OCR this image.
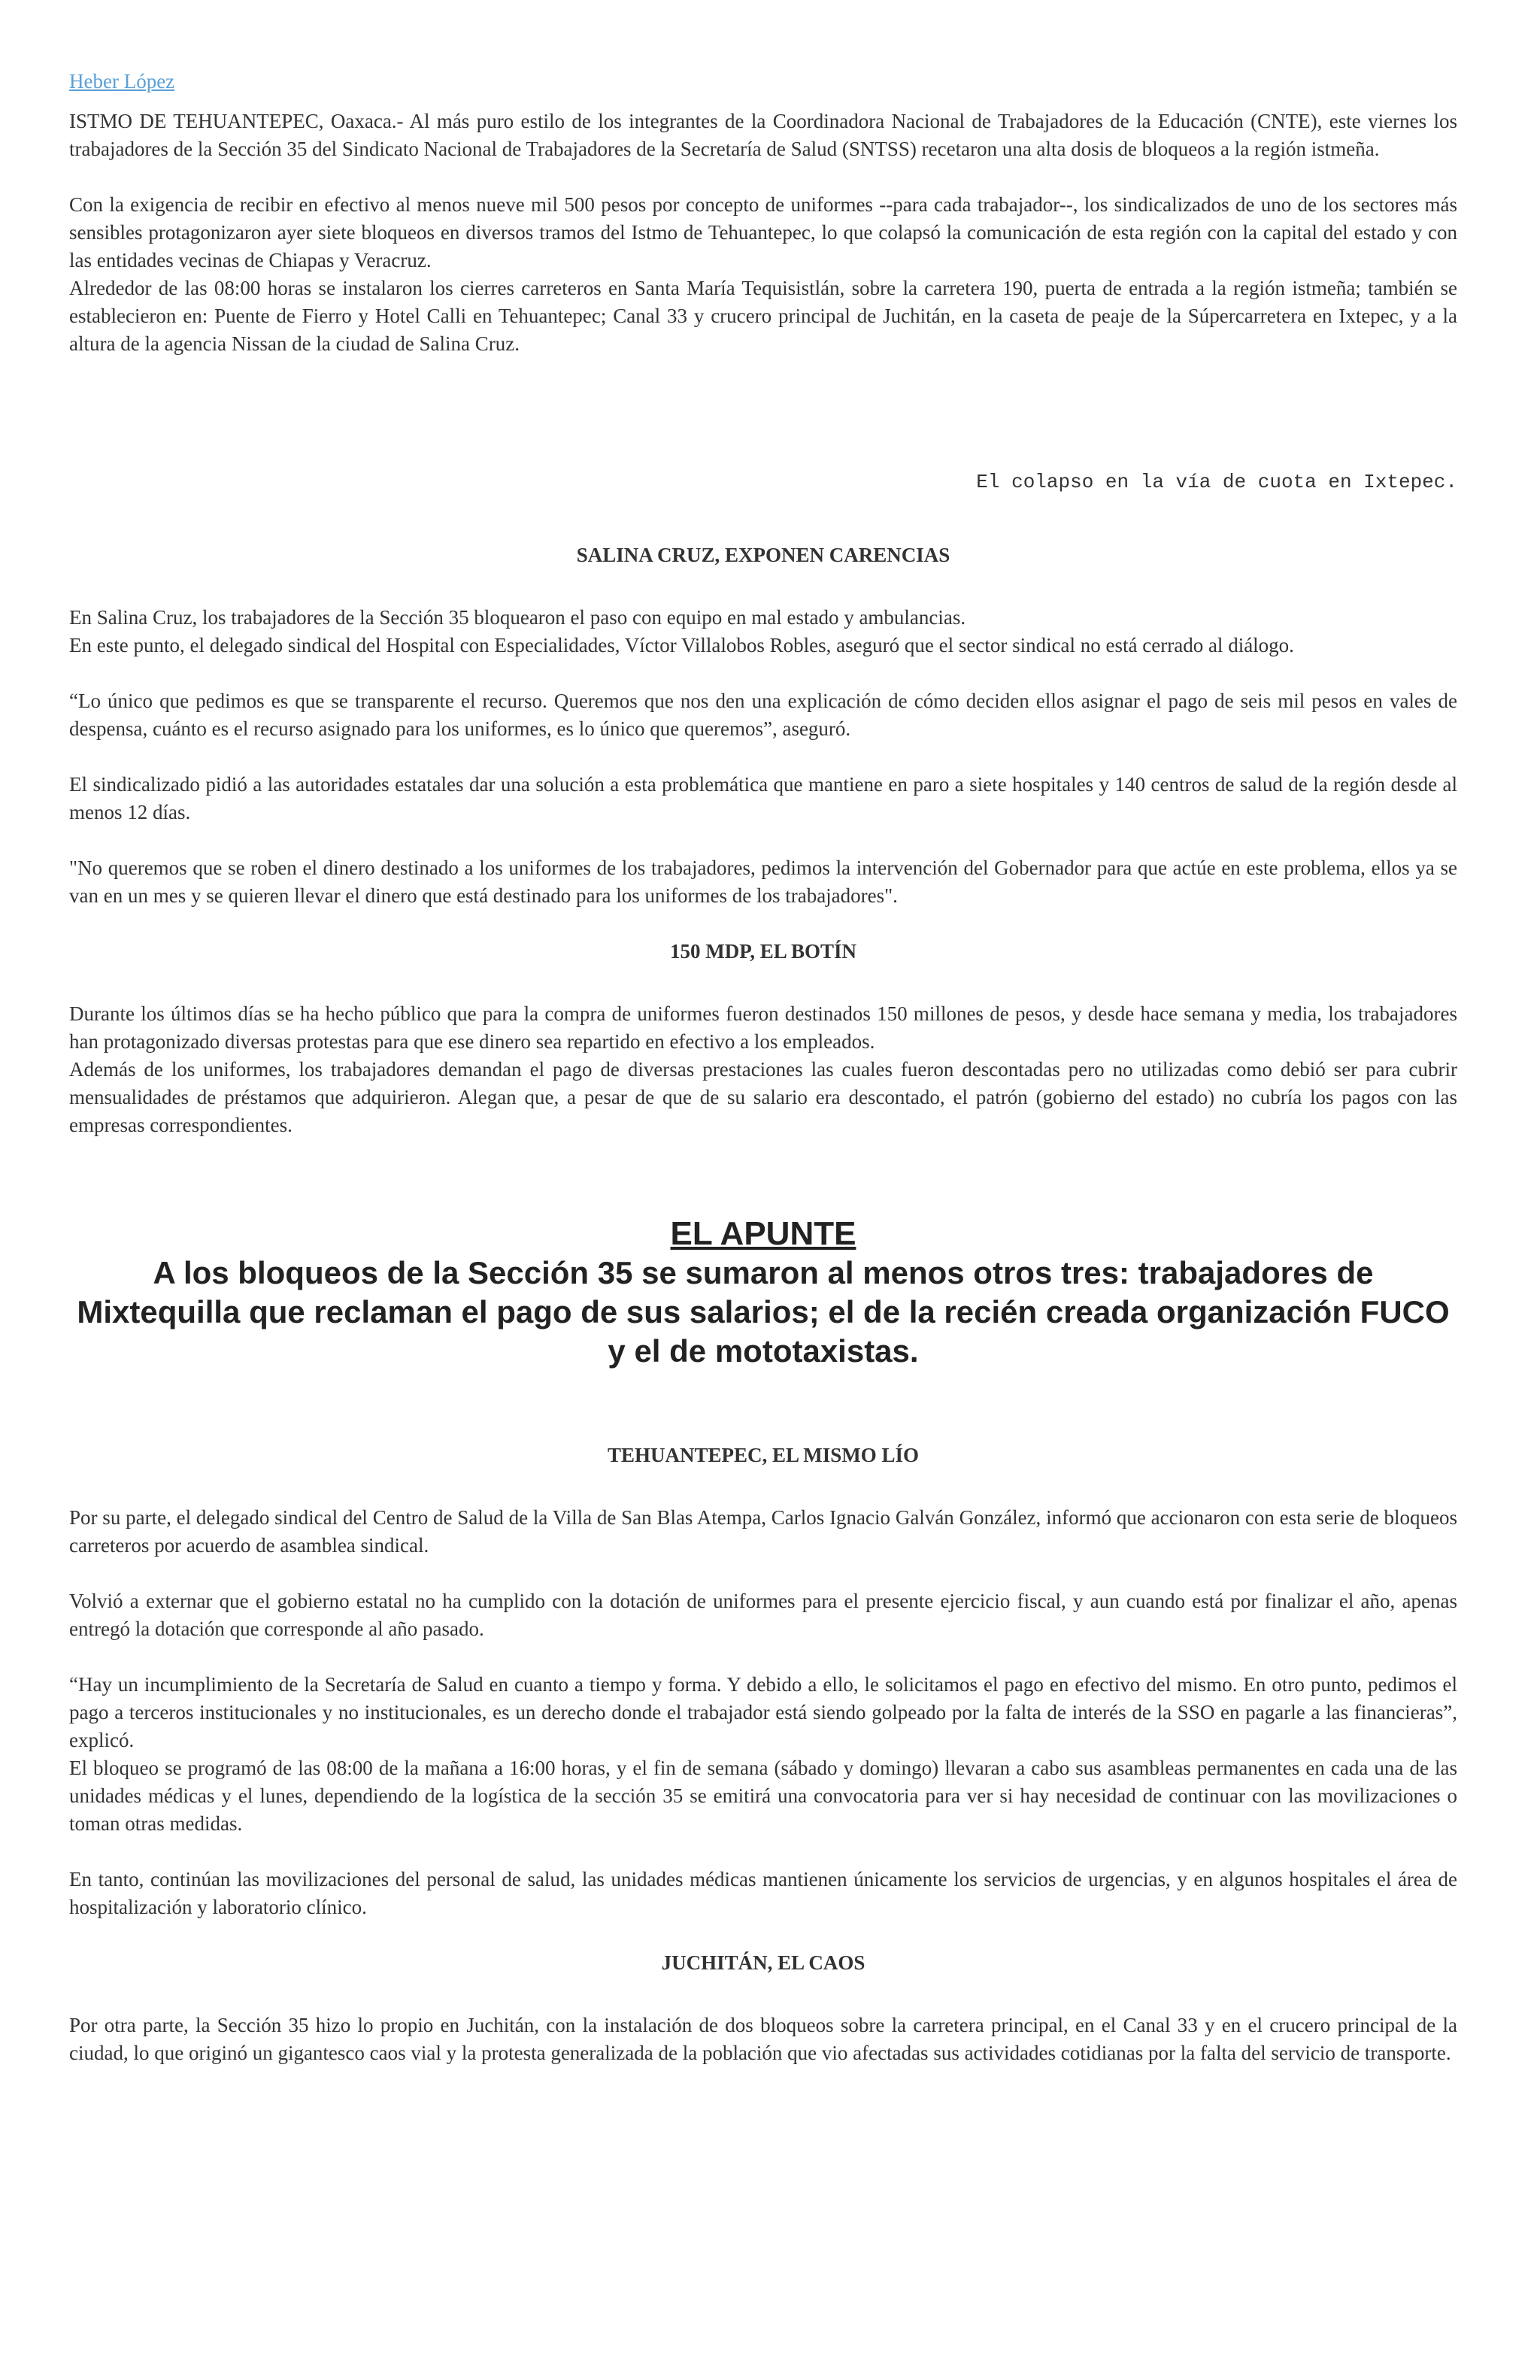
Heber López

ISTMO DE TEHUANTEPEC, Oaxaca.- Al más puro estilo de los integrantes de la Coordinadora Nacional de Trabajadores de la Educación (CNTE), este viernes los trabajadores de la Sección 35 del Sindicato Nacional de Trabajadores de la Secretaría de Salud (SNTSS) recetaron una alta dosis de bloqueos a la región istmeña.

Con la exigencia de recibir en efectivo al menos nueve mil 500 pesos por concepto de uniformes --para cada trabajador--, los sindicalizados de uno de los sectores más sensibles protagonizaron ayer siete bloqueos en diversos tramos del Istmo de Tehuantepec, lo que colapsó la comunicación de esta región con la capital del estado y con las entidades vecinas de Chiapas y Veracruz.

Alrededor de las 08:00 horas se instalaron los cierres carreteros en Santa María Tequisistlán, sobre la carretera 190, puerta de entrada a la región istmeña; también se establecieron en: Puente de Fierro y Hotel Calli en Tehuantepec; Canal 33 y crucero principal de Juchitán, en la caseta de peaje de la Súpercarretera en Ixtepec, y a la altura de la agencia Nissan de la ciudad de Salina Cruz.

El colapso en la vía de cuota en Ixtepec.
SALINA CRUZ, EXPONEN CARENCIAS

En Salina Cruz, los trabajadores de la Sección 35 bloquearon el paso con equipo en mal estado y ambulancias.

En este punto, el delegado sindical del Hospital con Especialidades, Víctor Villalobos Robles, aseguró que el sector sindical no está cerrado al diálogo.

“Lo único que pedimos es que se transparente el recurso. Queremos que nos den una explicación de cómo deciden ellos asignar el pago de seis mil pesos en vales de despensa, cuánto es el recurso asignado para los uniformes, es lo único que queremos”, aseguró.

El sindicalizado pidió a las autoridades estatales dar una solución a esta problemática que mantiene en paro a siete hospitales y 140 centros de salud de la región desde al menos 12 días.

"No queremos que se roben el dinero destinado a los uniformes de los trabajadores, pedimos la intervención del Gobernador para que actúe en este problema, ellos ya se van en un mes y se quieren llevar el dinero que está destinado para los uniformes de los trabajadores".

150 MDP, EL BOTÍN

Durante los últimos días se ha hecho público que para la compra de uniformes fueron destinados 150 millones de pesos, y desde hace semana y media, los trabajadores han protagonizado diversas protestas para que ese dinero sea repartido en efectivo a los empleados.

Además de los uniformes, los trabajadores demandan el pago de diversas prestaciones las cuales fueron descontadas pero no utilizadas como debió ser para cubrir mensualidades de préstamos que adquirieron. Alegan que, a pesar de que de su salario era descontado, el patrón (gobierno del estado) no cubría los pagos con las empresas correspondientes.

EL APUNTE
A los bloqueos de la Sección 35 se sumaron al menos otros tres: trabajadores de Mixtequilla que reclaman el pago de sus salarios; el de la recién creada organización FUCO y el de mototaxistas.
TEHUANTEPEC, EL MISMO LÍO

Por su parte, el delegado sindical del Centro de Salud de la Villa de San Blas Atempa, Carlos Ignacio Galván González, informó que accionaron con esta serie de bloqueos carreteros por acuerdo de asamblea sindical.

Volvió a externar que el gobierno estatal no ha cumplido con la dotación de uniformes para el presente ejercicio fiscal, y aun cuando está por finalizar el año, apenas entregó la dotación que corresponde al año pasado.

“Hay un incumplimiento de la Secretaría de Salud en cuanto a tiempo y forma. Y debido a ello, le solicitamos el pago en efectivo del mismo. En otro punto, pedimos el pago a terceros institucionales y no institucionales, es un derecho donde el trabajador está siendo golpeado por la falta de interés de la SSO en pagarle a las financieras”, explicó.

El bloqueo se programó de las 08:00 de la mañana a 16:00 horas, y el fin de semana (sábado y domingo) llevaran a cabo sus asambleas permanentes en cada una de las unidades médicas y el lunes, dependiendo de la logística de la sección 35 se emitirá una convocatoria para ver si hay necesidad de continuar con las movilizaciones o toman otras medidas.

En tanto, continúan las movilizaciones del personal de salud, las unidades médicas mantienen únicamente los servicios de urgencias, y en algunos hospitales el área de hospitalización y laboratorio clínico.

JUCHITÁN, EL CAOS

Por otra parte, la Sección 35 hizo lo propio en Juchitán, con la instalación de dos bloqueos sobre la carretera principal, en el Canal 33 y en el crucero principal de la ciudad, lo que originó un gigantesco caos vial y la protesta generalizada de la población que vio afectadas sus actividades cotidianas por la falta del servicio de transporte.
